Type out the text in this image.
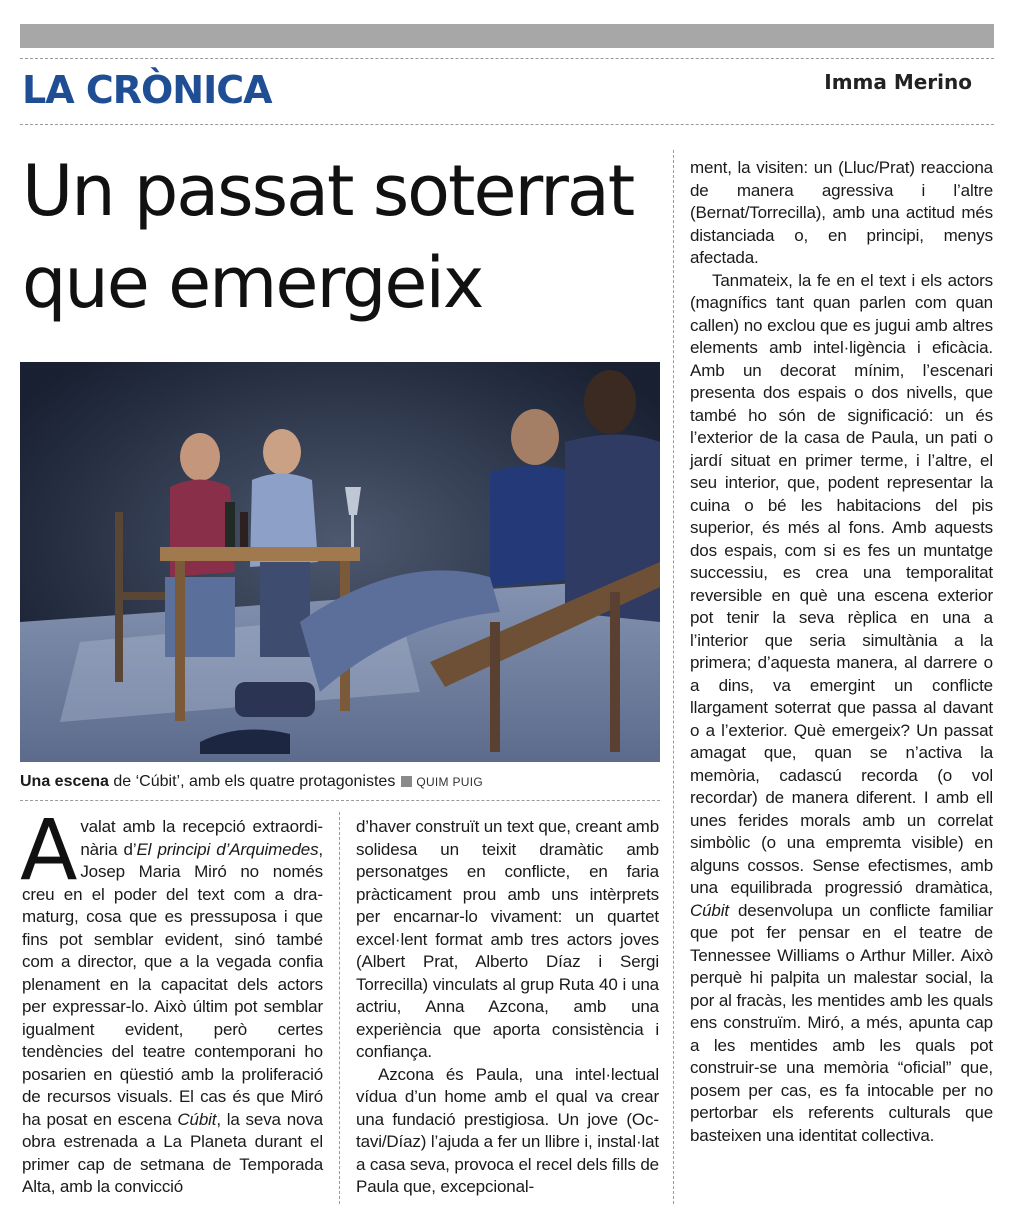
LA CRÒNICA	Imma Merino
Un passat soterrat que emergeix

Una escena de ‘Cúbit’, amb els quatre protagonistes QUIM PUIG

Avalat amb la recepció extraordinària d’El principi d’Arquimedes, Josep Maria Miró no només creu en el poder del text com a dramaturg, cosa que es pressuposa i que fins pot semblar evident, sinó també com a director, que a la vegada confia plenament en la capacitat dels actors per expressar-lo. Això últim pot semblar igualment evident, però certes tendències del teatre contemporani ho posarien en qüestió amb la proliferació de recursos visuals. El cas és que Miró ha posat en escena Cúbit, la seva nova obra estrenada a La Planeta durant el primer cap de setmana de Temporada Alta, amb la convicció

d’haver construït un text que, creant amb solidesa un teixit dramàtic amb personatges en conflicte, en faria pràcticament prou amb uns intèrprets per encarnar-lo vivament: un quartet excel·lent format amb tres actors joves (Albert Prat, Alberto Díaz i Sergi Torrecilla) vinculats al grup Ruta 40 i una actriu, Anna Azcona, amb una experiència que aporta consistència i confiança.

Azcona és Paula, una intel·lectual vídua d’un home amb el qual va crear una fundació prestigiosa. Un jove (Octavi/Díaz) l’ajuda a fer un llibre i, instal·lat a casa seva, provoca el recel dels fills de Paula que, excepcional-

ment, la visiten: un (Lluc/Prat) reacciona de manera agressiva i l’altre (Bernat/Torrecilla), amb una actitud més distanciada o, en principi, menys afectada.

Tanmateix, la fe en el text i els actors (magnífics tant quan parlen com quan callen) no exclou que es jugui amb altres elements amb intel·ligència i eficàcia. Amb un decorat mínim, l’escenari presenta dos espais o dos nivells, que també ho són de significació: un és l’exterior de la casa de Paula, un pati o jardí situat en primer terme, i l’altre, el seu interior, que, podent representar la cuina o bé les habitacions del pis superior, és més al fons. Amb aquests dos espais, com si es fes un muntatge successiu, es crea una temporalitat reversible en què una escena exterior pot tenir la seva rèplica en una a l’interior que seria simultània a la primera; d’aquesta manera, al darrere o a dins, va emergint un conflicte llargament soterrat que passa al davant o a l’exterior. Què emergeix? Un passat amagat que, quan se n’activa la memòria, cadascú recorda (o vol recordar) de manera diferent. I amb ell unes ferides morals amb un correlat simbòlic (o una empremta visible) en alguns cossos. Sense efectismes, amb una equilibrada progressió dramàtica, Cúbit desenvolupa un conflicte familiar que pot fer pensar en el teatre de Tennessee Williams o Arthur Miller. Això perquè hi palpita un malestar social, la por al fracàs, les mentides amb les quals ens construïm. Miró, a més, apunta cap a les mentides amb les quals pot construir-se una memòria “oficial” que, posem per cas, es fa intocable per no pertorbar els referents culturals que basteixen una identitat collectiva.
